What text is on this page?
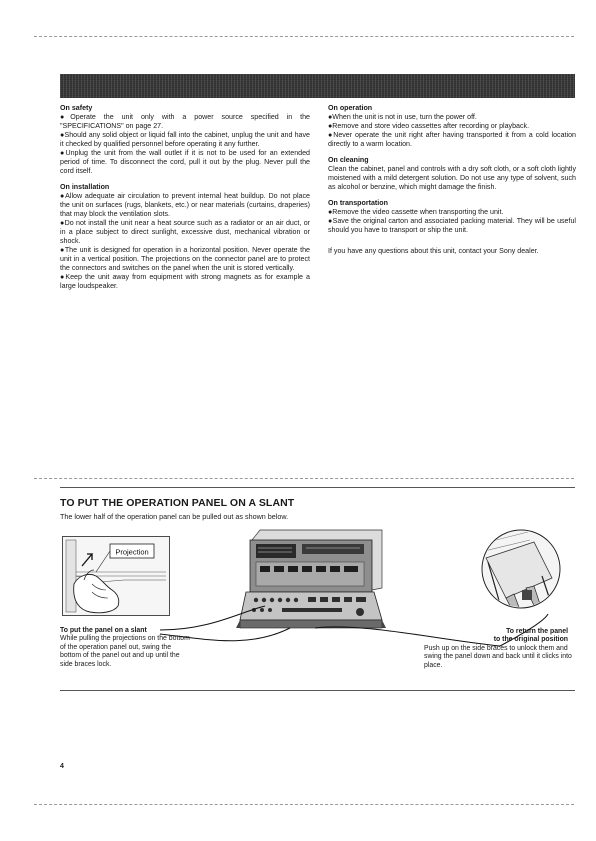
On safety

●Operate the unit only with a power source specified in the "SPECIFICATIONS" on page 27.

●Should any solid object or liquid fall into the cabinet, unplug the unit and have it checked by qualified personnel before operating it any further.

●Unplug the unit from the wall outlet if it is not to be used for an extended period of time. To disconnect the cord, pull it out by the plug. Never pull the cord itself.

On installation

●Allow adequate air circulation to prevent internal heat buildup. Do not place the unit on surfaces (rugs, blankets, etc.) or near materials (curtains, draperies) that may block the ventilation slots.

●Do not install the unit near a heat source such as a radiator or an air duct, or in a place subject to direct sunlight, excessive dust, mechanical vibration or shock.

●The unit is designed for operation in a horizontal position. Never operate the unit in a vertical position. The projections on the connector panel are to protect the connectors and switches on the panel when the unit is stored vertically.

●Keep the unit away from equipment with strong magnets as for example a large loudspeaker.

On operation

●When the unit is not in use, turn the power off.

●Remove and store video cassettes after recording or playback.

●Never operate the unit right after having transported it from a cold location directly to a warm location.

On cleaning

Clean the cabinet, panel and controls with a dry soft cloth, or a soft cloth lightly moistened with a mild detergent solution. Do not use any type of solvent, such as alcohol or benzine, which might damage the finish.

On transportation

●Remove the video cassette when transporting the unit.

●Save the original carton and associated packing material. They will be useful should you have to transport or ship the unit.

If you have any questions about this unit, contact your Sony dealer.

TO PUT THE OPERATION PANEL ON A SLANT
The lower half of the operation panel can be pulled out as shown below.
Projection
To put the panel on a slant
While pulling the projections on the bottom of the operation panel out, swing the bottom of the panel out and up until the side braces lock.
To return the panel
to the original position
Push up on the side braces to unlock them and swing the panel down and back until it clicks into place.
4
